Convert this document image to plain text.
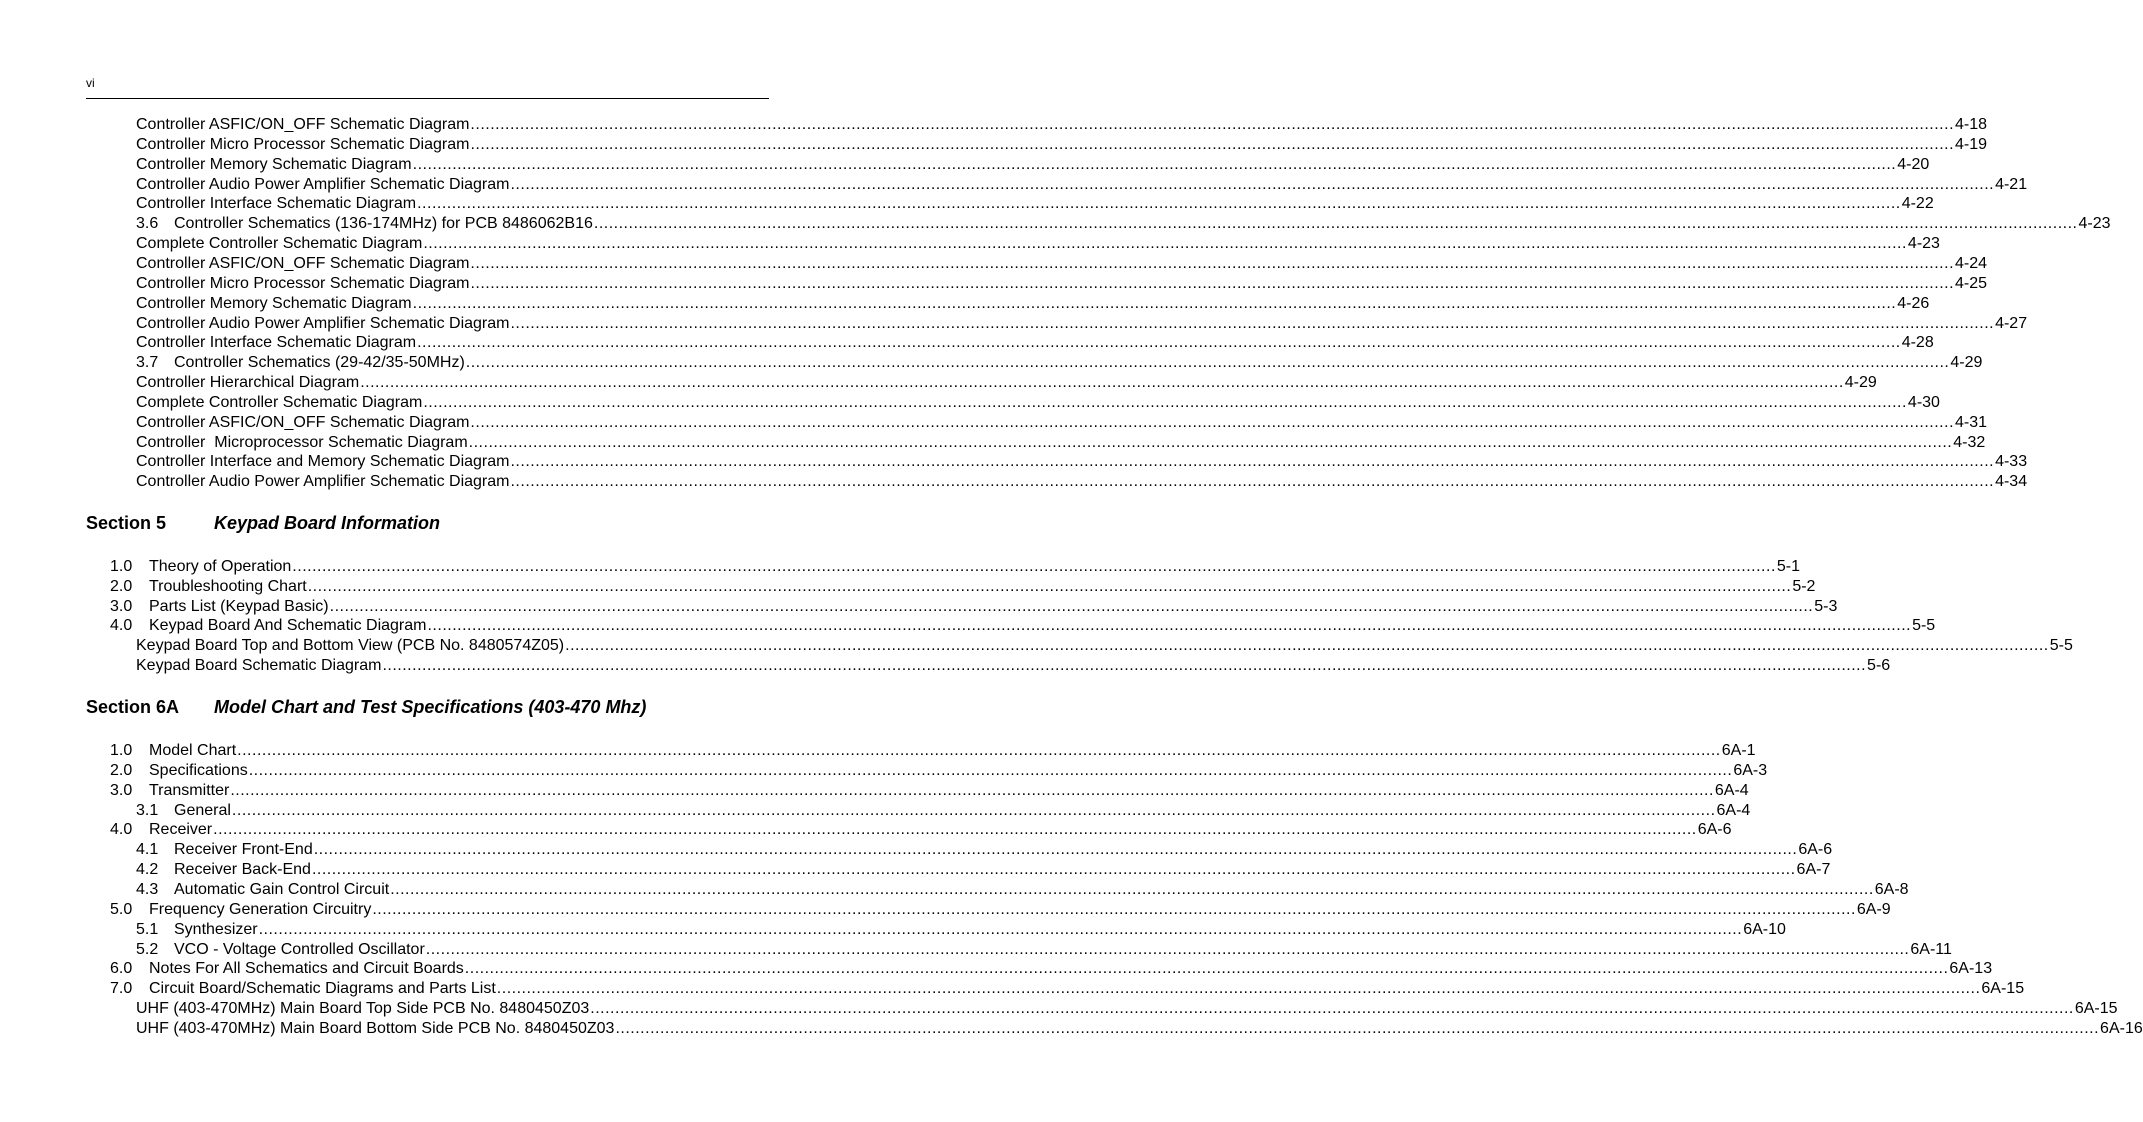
vi
Controller ASFIC/ON_OFF Schematic Diagram ............................................................................................................................................................................................................................................................................................................ 4-18
Controller Micro Processor Schematic Diagram ............................................................................................................................................................................................................................................................................................................ 4-19
Controller Memory Schematic Diagram ............................................................................................................................................................................................................................................................................................................ 4-20
Controller Audio Power Amplifier Schematic Diagram ............................................................................................................................................................................................................................................................................................................ 4-21
Controller Interface Schematic Diagram ............................................................................................................................................................................................................................................................................................................ 4-22
3.6 Controller Schematics (136-174MHz) for PCB 8486062B16 ............................................................................................................................................................................................................................................................................................................ 4-23
Complete Controller Schematic Diagram ............................................................................................................................................................................................................................................................................................................ 4-23
Controller ASFIC/ON_OFF Schematic Diagram ............................................................................................................................................................................................................................................................................................................ 4-24
Controller Micro Processor Schematic Diagram ............................................................................................................................................................................................................................................................................................................ 4-25
Controller Memory Schematic Diagram ............................................................................................................................................................................................................................................................................................................ 4-26
Controller Audio Power Amplifier Schematic Diagram ............................................................................................................................................................................................................................................................................................................ 4-27
Controller Interface Schematic Diagram ............................................................................................................................................................................................................................................................................................................ 4-28
3.7 Controller Schematics (29-42/35-50MHz) ............................................................................................................................................................................................................................................................................................................ 4-29
Controller Hierarchical Diagram ............................................................................................................................................................................................................................................................................................................ 4-29
Complete Controller Schematic Diagram ............................................................................................................................................................................................................................................................................................................ 4-30
Controller ASFIC/ON_OFF Schematic Diagram ............................................................................................................................................................................................................................................................................................................ 4-31
Controller  Microprocessor Schematic Diagram ............................................................................................................................................................................................................................................................................................................ 4-32
Controller Interface and Memory Schematic Diagram ............................................................................................................................................................................................................................................................................................................ 4-33
Controller Audio Power Amplifier Schematic Diagram ............................................................................................................................................................................................................................................................................................................ 4-34
Section 5	Keypad Board Information
1.0	Theory of Operation ............................................................................................................................................................................................................................................................................................................ 5-1
2.0	Troubleshooting Chart ............................................................................................................................................................................................................................................................................................................ 5-2
3.0	Parts List (Keypad Basic) ............................................................................................................................................................................................................................................................................................................ 5-3
4.0	Keypad Board And Schematic Diagram ............................................................................................................................................................................................................................................................................................................ 5-5
Keypad Board Top and Bottom View (PCB No. 8480574Z05) ............................................................................................................................................................................................................................................................................................................ 5-5
Keypad Board Schematic Diagram ............................................................................................................................................................................................................................................................................................................ 5-6
Section 6A Model Chart and Test Specifications (403-470 Mhz)
1.0	Model Chart ............................................................................................................................................................................................................................................................................................................ 6A-1
2.0	Specifications ............................................................................................................................................................................................................................................................................................................ 6A-3
3.0	Transmitter ............................................................................................................................................................................................................................................................................................................ 6A-4
3.1 General ............................................................................................................................................................................................................................................................................................................ 6A-4
4.0	Receiver ............................................................................................................................................................................................................................................................................................................ 6A-6
4.1 Receiver Front-End ............................................................................................................................................................................................................................................................................................................ 6A-6
4.2 Receiver Back-End ............................................................................................................................................................................................................................................................................................................ 6A-7
4.3 Automatic Gain Control Circuit ............................................................................................................................................................................................................................................................................................................ 6A-8
5.0	Frequency Generation Circuitry ............................................................................................................................................................................................................................................................................................................ 6A-9
5.1 Synthesizer ............................................................................................................................................................................................................................................................................................................ 6A-10
5.2 VCO - Voltage Controlled Oscillator ............................................................................................................................................................................................................................................................................................................ 6A-11
6.0	Notes For All Schematics and Circuit Boards ............................................................................................................................................................................................................................................................................................................ 6A-13
7.0	Circuit Board/Schematic Diagrams and Parts List ............................................................................................................................................................................................................................................................................................................ 6A-15
UHF (403-470MHz) Main Board Top Side PCB No. 8480450Z03 ............................................................................................................................................................................................................................................................................................................ 6A-15
UHF (403-470MHz) Main Board Bottom Side PCB No. 8480450Z03 ............................................................................................................................................................................................................................................................................................................ 6A-16
